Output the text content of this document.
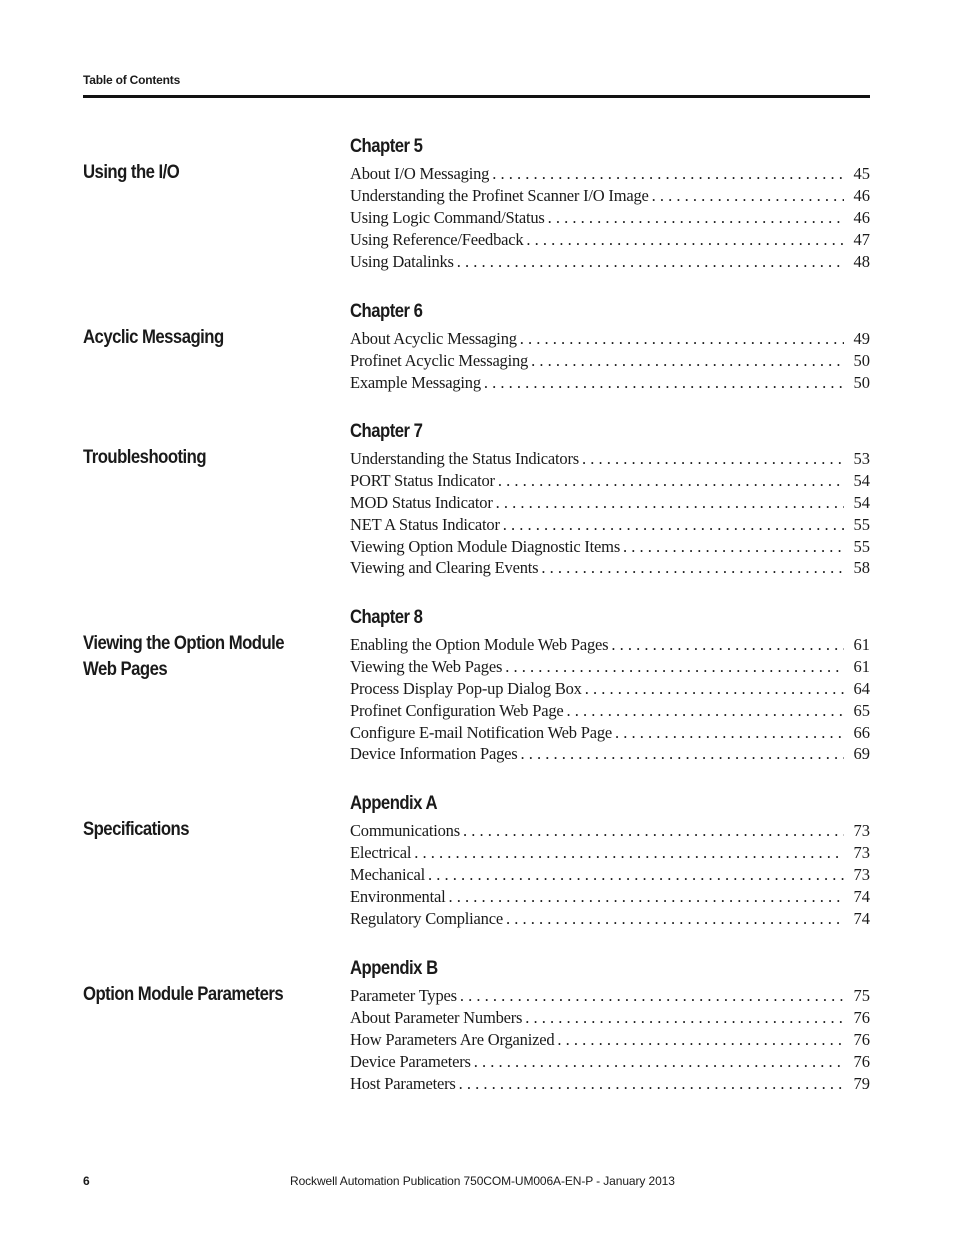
Table of Contents
Using the I/O
Chapter 5
About I/O Messaging . . .	45
Understanding the Profinet Scanner I/O Image . . .	46
Using Logic Command/Status . . .	46
Using Reference/Feedback . . .	47
Using Datalinks . . .	48
Acyclic Messaging
Chapter 6
About Acyclic Messaging . . .	49
Profinet Acyclic Messaging . . .	50
Example Messaging . . .	50
Troubleshooting
Chapter 7
Understanding the Status Indicators . . .	53
PORT Status Indicator . . .	54
MOD Status Indicator . . .	54
NET A Status Indicator . . .	55
Viewing Option Module Diagnostic Items . . .	55
Viewing and Clearing Events . . .	58
Viewing the Option Module
Web Pages
Chapter 8
Enabling the Option Module Web Pages . . .	61
Viewing the Web Pages . . .	61
Process Display Pop-up Dialog Box . . .	64
Profinet Configuration Web Page . . .	65
Configure E-mail Notification Web Page . . .	66
Device Information Pages . . .	69
Specifications
Appendix A
Communications . . .	73
Electrical . . .	73
Mechanical . . .	73
Environmental . . .	74
Regulatory Compliance . . .	74
Option Module Parameters
Appendix B
Parameter Types . . .	75
About Parameter Numbers . . .	76
How Parameters Are Organized . . .	76
Device Parameters . . .	76
Host Parameters . . .	79
6	Rockwell Automation Publication 750COM-UM006A-EN-P - January 2013
